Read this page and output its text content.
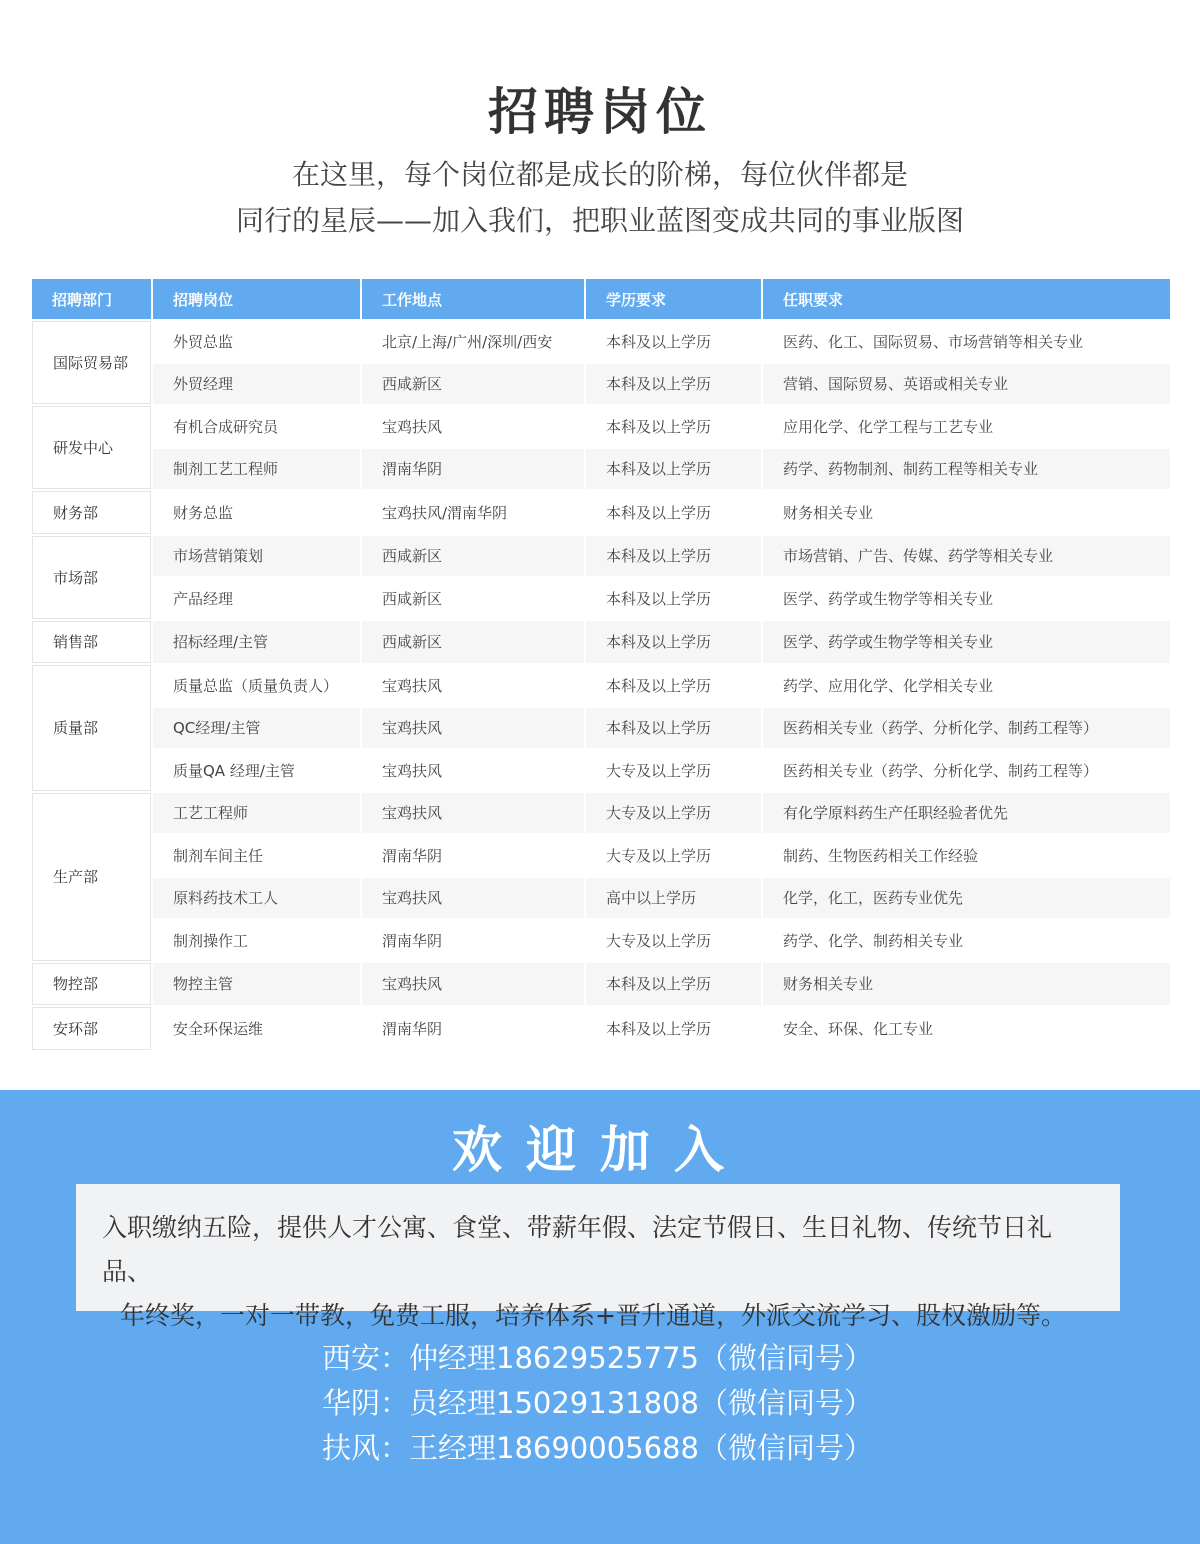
招聘岗位
在这里，每个岗位都是成长的阶梯，每位伙伴都是
同行的星辰——加入我们，把职业蓝图变成共同的事业版图
招聘部门	招聘岗位	工作地点	学历要求	任职要求
国际贸易部	外贸总监	北京/上海/广州/深圳/西安	本科及以上学历	医药、化工、国际贸易、市场营销等相关专业
	外贸经理	西咸新区	本科及以上学历	营销、国际贸易、英语或相关专业
研发中心	有机合成研究员	宝鸡扶风	本科及以上学历	应用化学、化学工程与工艺专业
	制剂工艺工程师	渭南华阴	本科及以上学历	药学、药物制剂、制药工程等相关专业
财务部	财务总监	宝鸡扶风/渭南华阴	本科及以上学历	财务相关专业
市场部	市场营销策划	西咸新区	本科及以上学历	市场营销、广告、传媒、药学等相关专业
	产品经理	西咸新区	本科及以上学历	医学、药学或生物学等相关专业
销售部	招标经理/主管	西咸新区	本科及以上学历	医学、药学或生物学等相关专业
质量部	质量总监（质量负责人）	宝鸡扶风	本科及以上学历	药学、应用化学、化学相关专业
	QC经理/主管	宝鸡扶风	本科及以上学历	医药相关专业（药学、分析化学、制药工程等）
	质量QA 经理/主管	宝鸡扶风	大专及以上学历	医药相关专业（药学、分析化学、制药工程等）
生产部	工艺工程师	宝鸡扶风	大专及以上学历	有化学原料药生产任职经验者优先
	制剂车间主任	渭南华阴	大专及以上学历	制药、生物医药相关工作经验
	原料药技术工人	宝鸡扶风	高中以上学历	化学，化工，医药专业优先
	制剂操作工	渭南华阴	大专及以上学历	药学、化学、制药相关专业
物控部	物控主管	宝鸡扶风	本科及以上学历	财务相关专业
安环部	安全环保运维	渭南华阴	本科及以上学历	安全、环保、化工专业
欢迎加入

入职缴纳五险，提供人才公寓、食堂、带薪年假、法定节假日、生日礼物、传统节日礼品、

年终奖，一对一带教，免费工服，培养体系+晋升通道，外派交流学习、股权激励等。

西安：仲经理18629525775（微信同号）

华阴：员经理15029131808（微信同号）

扶风：王经理18690005688（微信同号）
